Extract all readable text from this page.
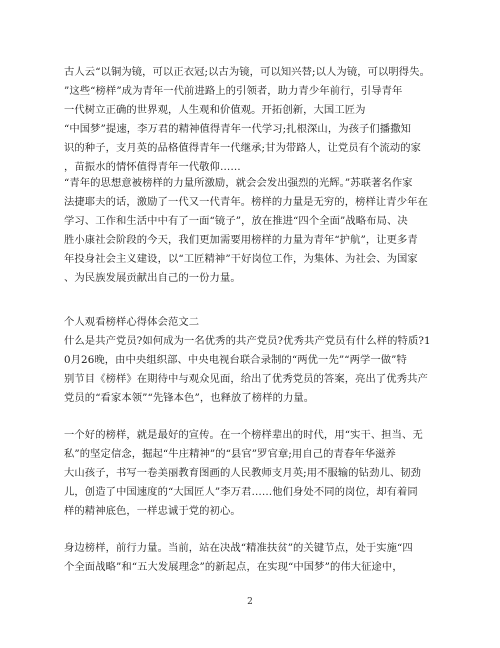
古人云“以铜为镜，可以正衣冠;以古为镜，可以知兴替;以人为镜，可以明得失。
”这些“榜样”成为青年一代前进路上的引领者，助力青少年前行，引导青年
一代树立正确的世界观，人生观和价值观。开拓创新，大国工匠为
“中国梦”提速，李万君的精神值得青年一代学习;扎根深山，为孩子们播撒知
识的种子，支月英的品格值得青年一代继承;甘为带路人，让党员有个流动的家
，苗振水的情怀值得青年一代敬仰……

“青年的思想意被榜样的力量所激励，就会会发出强烈的光辉。”苏联著名作家
法捷耶夫的话，激励了一代又一代青年。榜样的力量是无穷的，榜样让青少年在
学习、工作和生活中中有了一面“镜子”，放在推进“四个全面”战略布局、决
胜小康社会阶段的今天，我们更加需要用榜样的力量为青年“护航”，让更多青
年投身社会主义建设，以“工匠精神”干好岗位工作，为集体、为社会、为国家
、为民族发展贡献出自己的一份力量。

个人观看榜样心得体会范文二
什么是共产党员?如何成为一名优秀的共产党员?优秀共产党员有什么样的特质?1
0月26晚，由中央组织部、中央电视台联合录制的“两优一先”“两学一做”特
别节目《榜样》在期待中与观众见面，给出了优秀党员的答案，亮出了优秀共产
党员的“看家本领”“先锋本色”，也释放了榜样的力量。

一个好的榜样，就是最好的宣传。在一个榜样辈出的时代，用“实干、担当、无
私”的坚定信念，掘起“牛庄精神”的“县官”罗官章;用自己的青春年华滋养
大山孩子，书写一卷美丽教育图画的人民教师支月英;用不服输的钻劲儿、韧劲
儿，创造了中国速度的“大国匠人”李万君……他们身处不同的岗位，却有着同
样的精神底色，一样忠诚于党的初心。

身边榜样，前行力量。当前，站在决战“精准扶贫”的关键节点，处于实施“四
个全面战略”和“五大发展理念”的新起点，在实现“中国梦”的伟大征途中，

2
